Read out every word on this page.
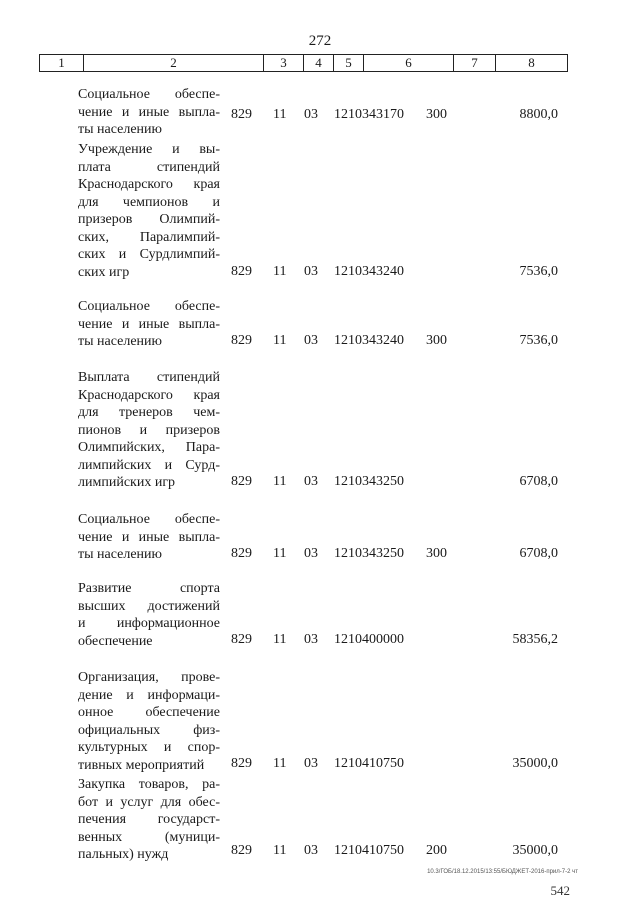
272
1	2	3	4	5	6	7	8
Социальное обеспе-
чение и иные выпла-
ты населению
829 11 03 1210343170 300	8800,0
Учреждение и вы-
плата стипендий
Краснодарского края
для чемпионов и
призеров Олимпий-
ских, Паралимпий-
ских и Сурдлимпий-
ских игр	829 11 03 1210343240	7536,0
Социальное обеспе-
чение и иные выпла-
ты населению	829 11 03 1210343240 300	7536,0
Выплата стипендий
Краснодарского края
для тренеров чем-
пионов и призеров
Олимпийских, Пара-
лимпийских и Сурд-
лимпийских игр	829 11 03 1210343250	6708,0
Социальное обеспе-
чение и иные выпла-
ты населению	829 11 03 1210343250 300	6708,0
Развитие спорта
высших достижений
и информационное
обеспечение	829 11 03 1210400000	58356,2
Организация, прове-
дение и информаци-
онное обеспечение
официальных физ-
культурных и спор-
тивных мероприятий	829 11 03 1210410750	35000,0
Закупка товаров, ра-
бот и услуг для обес-
печения государст-
венных (муници-
пальных) нужд	829 11 03 1210410750 200	35000,0
10.3/ГОБ/18.12.2015/13:55/БЮДЖЕТ-2016-прил-7-2 чт
542
